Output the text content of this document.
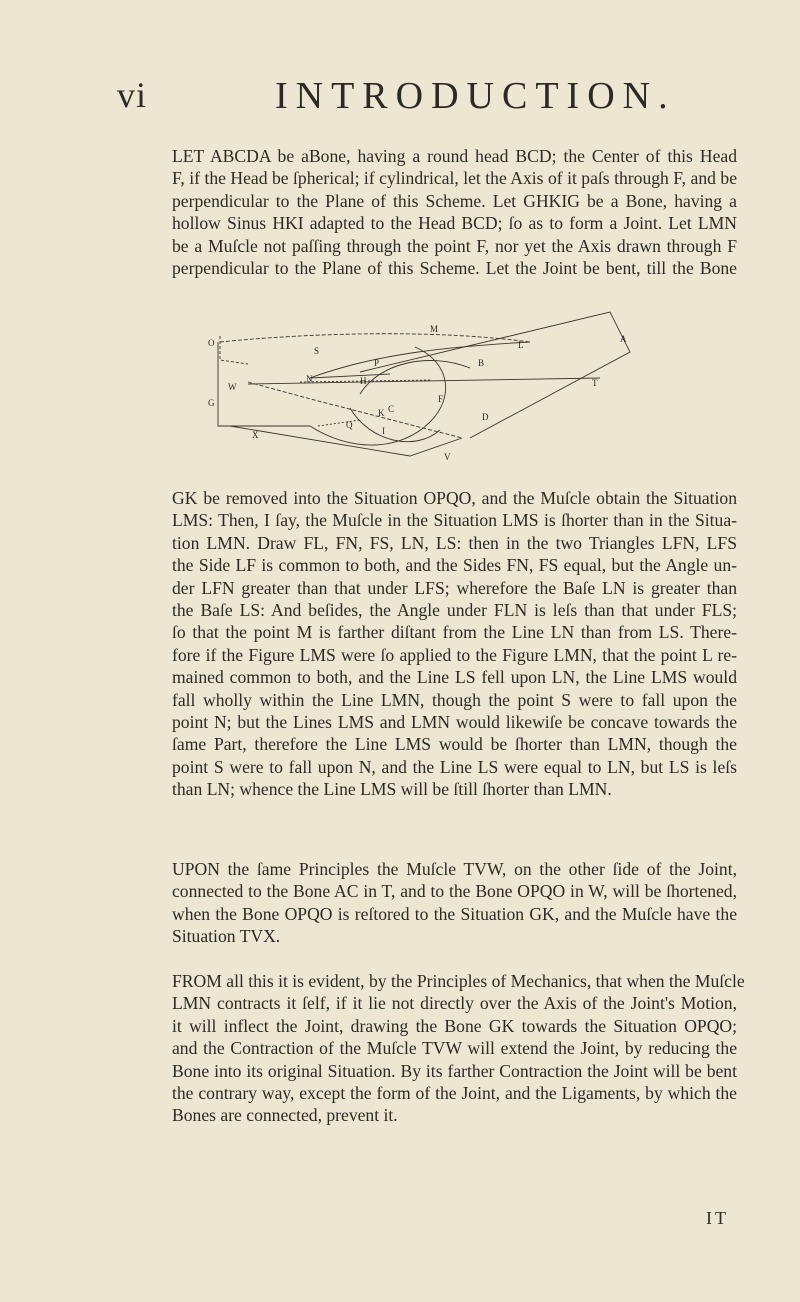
vi	INTRODUCTION.
LET ABCDA be aBone, having a round head BCD; the Center of this Head
F, if the Head be ſpherical; if cylindrical, let the Axis of it paſs through F, and be
perpendicular to the Plane of this Scheme. Let GHKIG be a Bone, having a
hollow Sinus HKI adapted to the Head BCD; ſo as to form a Joint. Let LMN
be a Muſcle not paſſing through the point F, nor yet the Axis drawn through F
perpendicular to the Plane of this Scheme. Let the Joint be bent, till the Bone
O
G
W
X
N
M
S
P
H
K C
Q
I
F
B
L
A
T
D
V
GK be removed into the Situation OPQO, and the Muſcle obtain the Situation
LMS: Then, I ſay, the Muſcle in the Situation LMS is ſhorter than in the Situa-
tion LMN. Draw FL, FN, FS, LN, LS: then in the two Triangles LFN, LFS
the Side LF is common to both, and the Sides FN, FS equal, but the Angle un-
der LFN greater than that under LFS; wherefore the Baſe LN is greater than
the Baſe LS: And beſides, the Angle under FLN is leſs than that under FLS;
ſo that the point M is farther diſtant from the Line LN than from LS. There-
fore if the Figure LMS were ſo applied to the Figure LMN, that the point L re-
mained common to both, and the Line LS fell upon LN, the Line LMS would
fall wholly within the Line LMN, though the point S were to fall upon the
point N; but the Lines LMS and LMN would likewiſe be concave towards the
ſame Part, therefore the Line LMS would be ſhorter than LMN, though the
point S were to fall upon N, and the Line LS were equal to LN, but LS is leſs
than LN; whence the Line LMS will be ſtill ſhorter than LMN.
UPON the ſame Principles the Muſcle TVW, on the other ſide of the Joint,
connected to the Bone AC in T, and to the Bone OPQO in W, will be ſhortened,
when the Bone OPQO is reſtored to the Situation GK, and the Muſcle have the
Situation TVX.
FROM all this it is evident, by the Principles of Mechanics, that when the Muſcle
LMN contracts it ſelf, if it lie not directly over the Axis of the Joint's Motion,
it will inflect the Joint, drawing the Bone GK towards the Situation OPQO;
and the Contraction of the Muſcle TVW will extend the Joint, by reducing the
Bone into its original Situation. By its farther Contraction the Joint will be bent
the contrary way, except the form of the Joint, and the Ligaments, by which the
Bones are connected, prevent it.
IT
